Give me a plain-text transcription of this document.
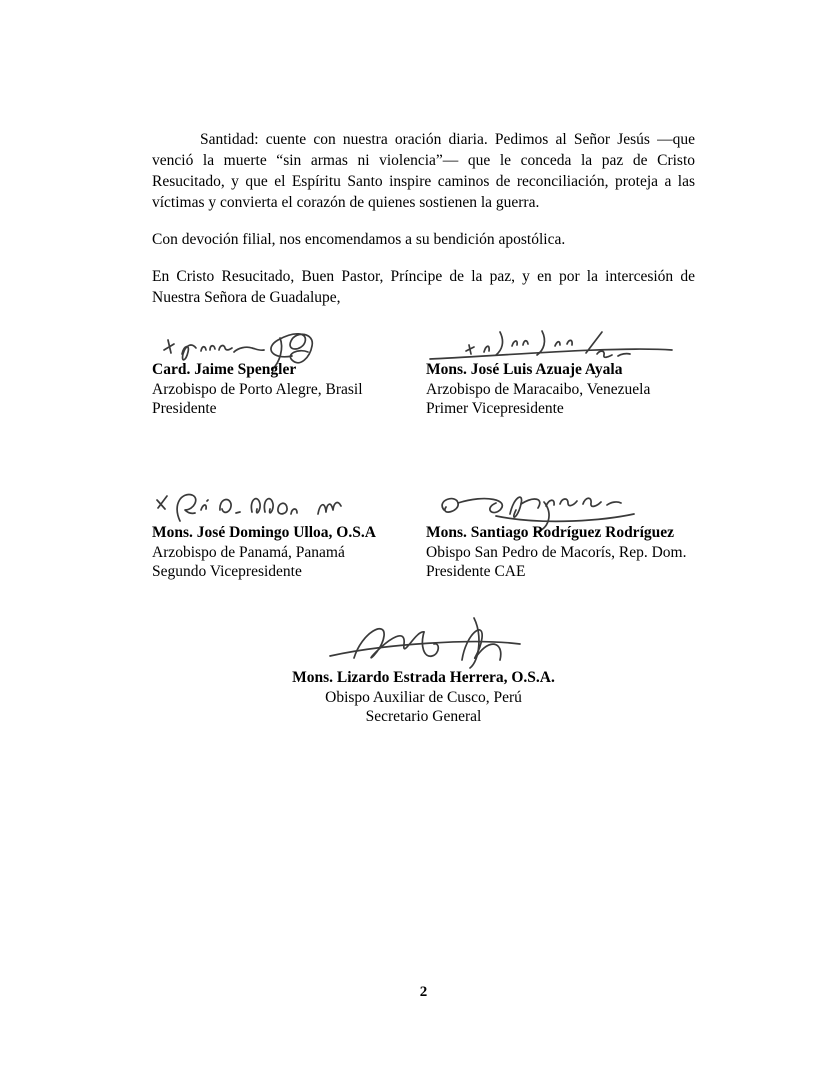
Santidad: cuente con nuestra oración diaria. Pedimos al Señor Jesús —que venció la muerte “sin armas ni violencia”— que le conceda la paz de Cristo Resucitado, y que el Espíritu Santo inspire caminos de reconciliación, proteja a las víctimas y convierta el corazón de quienes sostienen la guerra.

Con devoción filial, nos encomendamos a su bendición apostólica.

En Cristo Resucitado, Buen Pastor, Príncipe de la paz, y en por la intercesión de Nuestra Señora de Guadalupe,

Card. Jaime Spengler
Arzobispo de Porto Alegre, Brasil
Presidente
Mons. José Luis Azuaje Ayala
Arzobispo de Maracaibo, Venezuela
Primer Vicepresidente
Mons. José Domingo Ulloa, O.S.A
Arzobispo de Panamá, Panamá
Segundo Vicepresidente
Mons. Santiago Rodríguez Rodríguez
Obispo San Pedro de Macorís, Rep. Dom.
Presidente CAE
Mons. Lizardo Estrada Herrera, O.S.A.
Obispo Auxiliar de Cusco, Perú
Secretario General
2
